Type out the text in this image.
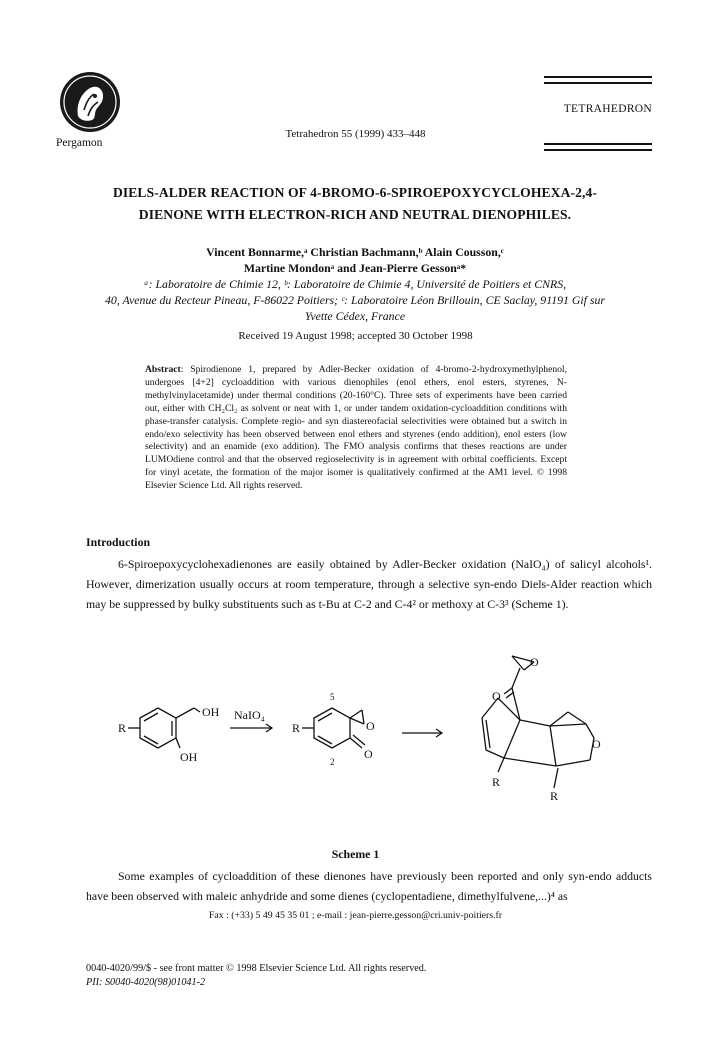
Pergamon
Tetrahedron 55 (1999) 433–448
TETRAHEDRON
DIELS-ALDER REACTION OF 4-BROMO-6-SPIROEPOXYCYCLOHEXA-2,4-
DIENONE WITH ELECTRON-RICH AND NEUTRAL DIENOPHILES.
Vincent Bonnarme,ᵃ Christian Bachmann,ᵇ Alain Cousson,ᶜ
Martine Mondonᵃ and Jean-Pierre Gessonᵃ*
ᵃ: Laboratoire de Chimie 12, ᵇ: Laboratoire de Chimie 4, Université de Poitiers et CNRS,
40, Avenue du Recteur Pineau, F-86022 Poitiers; ᶜ: Laboratoire Léon Brillouin, CE Saclay, 91191 Gif sur
Yvette Cédex, France
Received 19 August 1998; accepted 30 October 1998
Abstract: Spirodienone 1, prepared by Adler-Becker oxidation of 4-bromo-2-hydroxymethylphenol, undergoes [4+2] cycloaddition with various dienophiles (enol ethers, enol esters, styrenes, N-methylvinylacetamide) under thermal conditions (20-160°C). Three sets of experiments have been carried out, either with CH₂Cl₂ as solvent or neat with 1, or under tandem oxidation-cycloaddition conditions with phase-transfer catalysis. Complete regio- and syn diastereofacial selectivities were obtained but a switch in endo/exo selectivity has been observed between enol ethers and styrenes (endo addition), enol esters (low selectivity) and an enamide (exo addition). The FMO analysis confirms that theses reactions are under LUMOdiene control and that the observed regioselectivity is in agreement with orbital coefficients. Except for vinyl acetate, the formation of the major isomer is qualitatively confirmed at the AM1 level. © 1998 Elsevier Science Ltd. All rights reserved.
Introduction
6-Spiroepoxycyclohexadienones are easily obtained by Adler-Becker oxidation (NaIO₄) of salicyl alcohols¹. However, dimerization usually occurs at room temperature, through a selective syn-endo Diels-Alder reaction which may be suppressed by bulky substituents such as t-Bu at C-2 and C-4² or methoxy at C-3³ (Scheme 1).
R
OH
OH
NaIO₄
R
5
2
O
O
O
O
O
R
R
Scheme 1
Some examples of cycloaddition of these dienones have previously been reported and only syn-endo adducts have been observed with maleic anhydride and some dienes (cyclopentadiene, dimethylfulvene,...)⁴ as
Fax : (+33) 5 49 45 35 01 ; e-mail : jean-pierre.gesson@cri.univ-poitiers.fr
0040-4020/99/$ - see front matter © 1998 Elsevier Science Ltd. All rights reserved.
PII: S0040-4020(98)01041-2
